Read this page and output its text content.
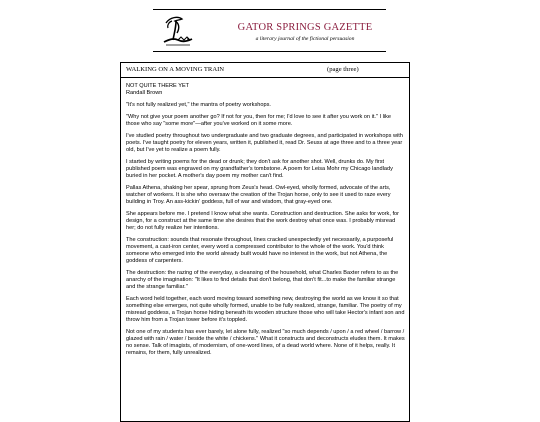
GATOR SPRINGS GAZETTE
a literary journal of the fictional persuasion
WALKING ON A MOVING TRAIN	(page three)

NOT QUITE THERE YET

Randall Brown

"It's not fully realized yet," the mantra of poetry workshops.

"Why not give your poem another go? If not for you, then for me; I'd love to see it after you work on it." I like those who say "some more"—after you've worked on it some more.

I've studied poetry throughout two undergraduate and two graduate degrees, and participated in workshops with poets. I've taught poetry for eleven years, written it, published it, read Dr. Seuss at age three and to a three year old, but I've yet to realize a poem fully.

I started by writing poems for the dead or drunk; they don't ask for another shot. Well, drunks do. My first published poem was engraved on my grandfather's tombstone. A poem for Leisa Mohr my Chicago landlady buried in her pocket. A mother's day poem my mother can't find.

Pallas Athena, shaking her spear, sprung from Zeus's head. Owl-eyed, wholly formed, advocate of the arts, watcher of workers. It is she who oversaw the creation of the Trojan horse, only to see it used to raze every building in Troy. An ass-kickin' goddess, full of war and wisdom, that gray-eyed one.

She appears before me. I pretend I know what she wants. Construction and destruction. She asks for work, for design, for a construct at the same time she desires that the work destroy what once was. I probably misread her; do not fully realize her intentions.

The construction: sounds that resonate throughout, lines cracked unexpectedly yet necessarily, a purposeful movement, a cast-iron center, every word a compressed contributor to the whole of the work. You'd think someone who emerged into the world already built would have no interest in the work, but not Athena, the goddess of carpenters.

The destruction: the razing of the everyday, a cleansing of the household, what Charles Baxter refers to as the anarchy of the imagination: "It likes to find details that don't belong, that don't fit...to make the familiar strange and the strange familiar."

Each word held together, each word moving toward something new, destroying the world as we know it so that something else emerges, not quite wholly formed, unable to be fully realized, strange, familiar. The poetry of my misread goddess, a Trojan horse hiding beneath its wooden structure those who will take Hector's infant son and throw him from a Trojan tower before it's toppled.

Not one of my students has ever barely, let alone fully, realized "so much depends / upon / a red wheel / barrow / glazed with rain / water / beside the white / chickens." What it constructs and deconstructs eludes them. It makes no sense. Talk of imagists, of modernism, of one-word lines, of a dead world where. None of it helps, really. It remains, for them, fully unrealized.
